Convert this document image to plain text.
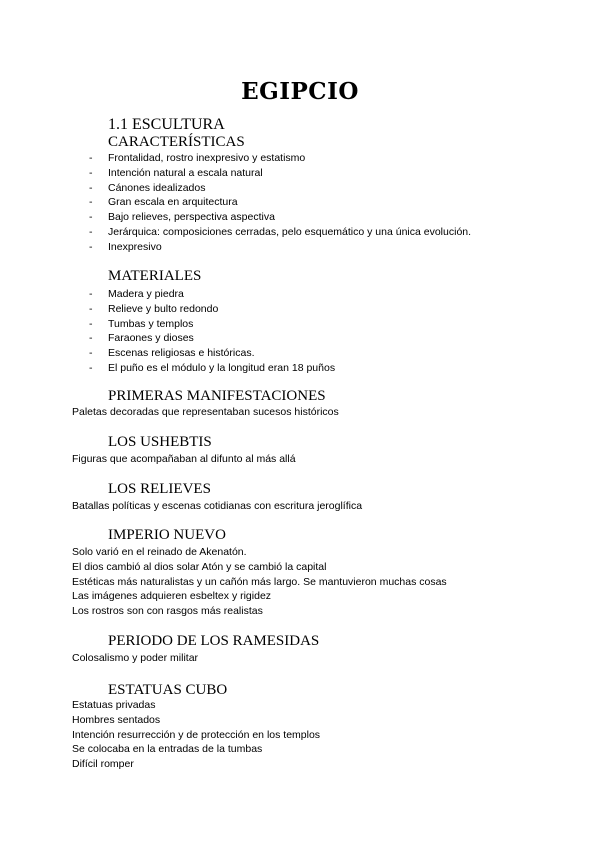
EGIPCIO
1.1 ESCULTURA
CARACTERÍSTICAS
- Frontalidad, rostro inexpresivo y estatismo
- Intención natural a escala natural
- Cánones idealizados
- Gran escala en arquitectura
- Bajo relieves, perspectiva aspectiva
- Jerárquica: composiciones cerradas, pelo esquemático y una única evolución.
- Inexpresivo
MATERIALES
- Madera y piedra
- Relieve y bulto redondo
- Tumbas y templos
- Faraones y dioses
- Escenas religiosas e históricas.
- El puño es el módulo y la longitud eran 18 puños
PRIMERAS MANIFESTACIONES
Paletas decoradas que representaban sucesos históricos
LOS USHEBTIS
Figuras que acompañaban al difunto al más allá
LOS RELIEVES
Batallas políticas y escenas cotidianas con escritura jeroglífica
IMPERIO NUEVO
Solo varió en el reinado de Akenatón.
El dios cambió al dios solar Atón y se cambió la capital
Estéticas más naturalistas y un cañón más largo. Se mantuvieron muchas cosas
Las imágenes adquieren esbeltex y rigidez
Los rostros son con rasgos más realistas
PERIODO DE LOS RAMESIDAS
Colosalismo y poder militar
ESTATUAS CUBO
Estatuas privadas
Hombres sentados
Intención resurrección y de protección en los templos
Se colocaba en la entradas de la tumbas
Difícil romper
